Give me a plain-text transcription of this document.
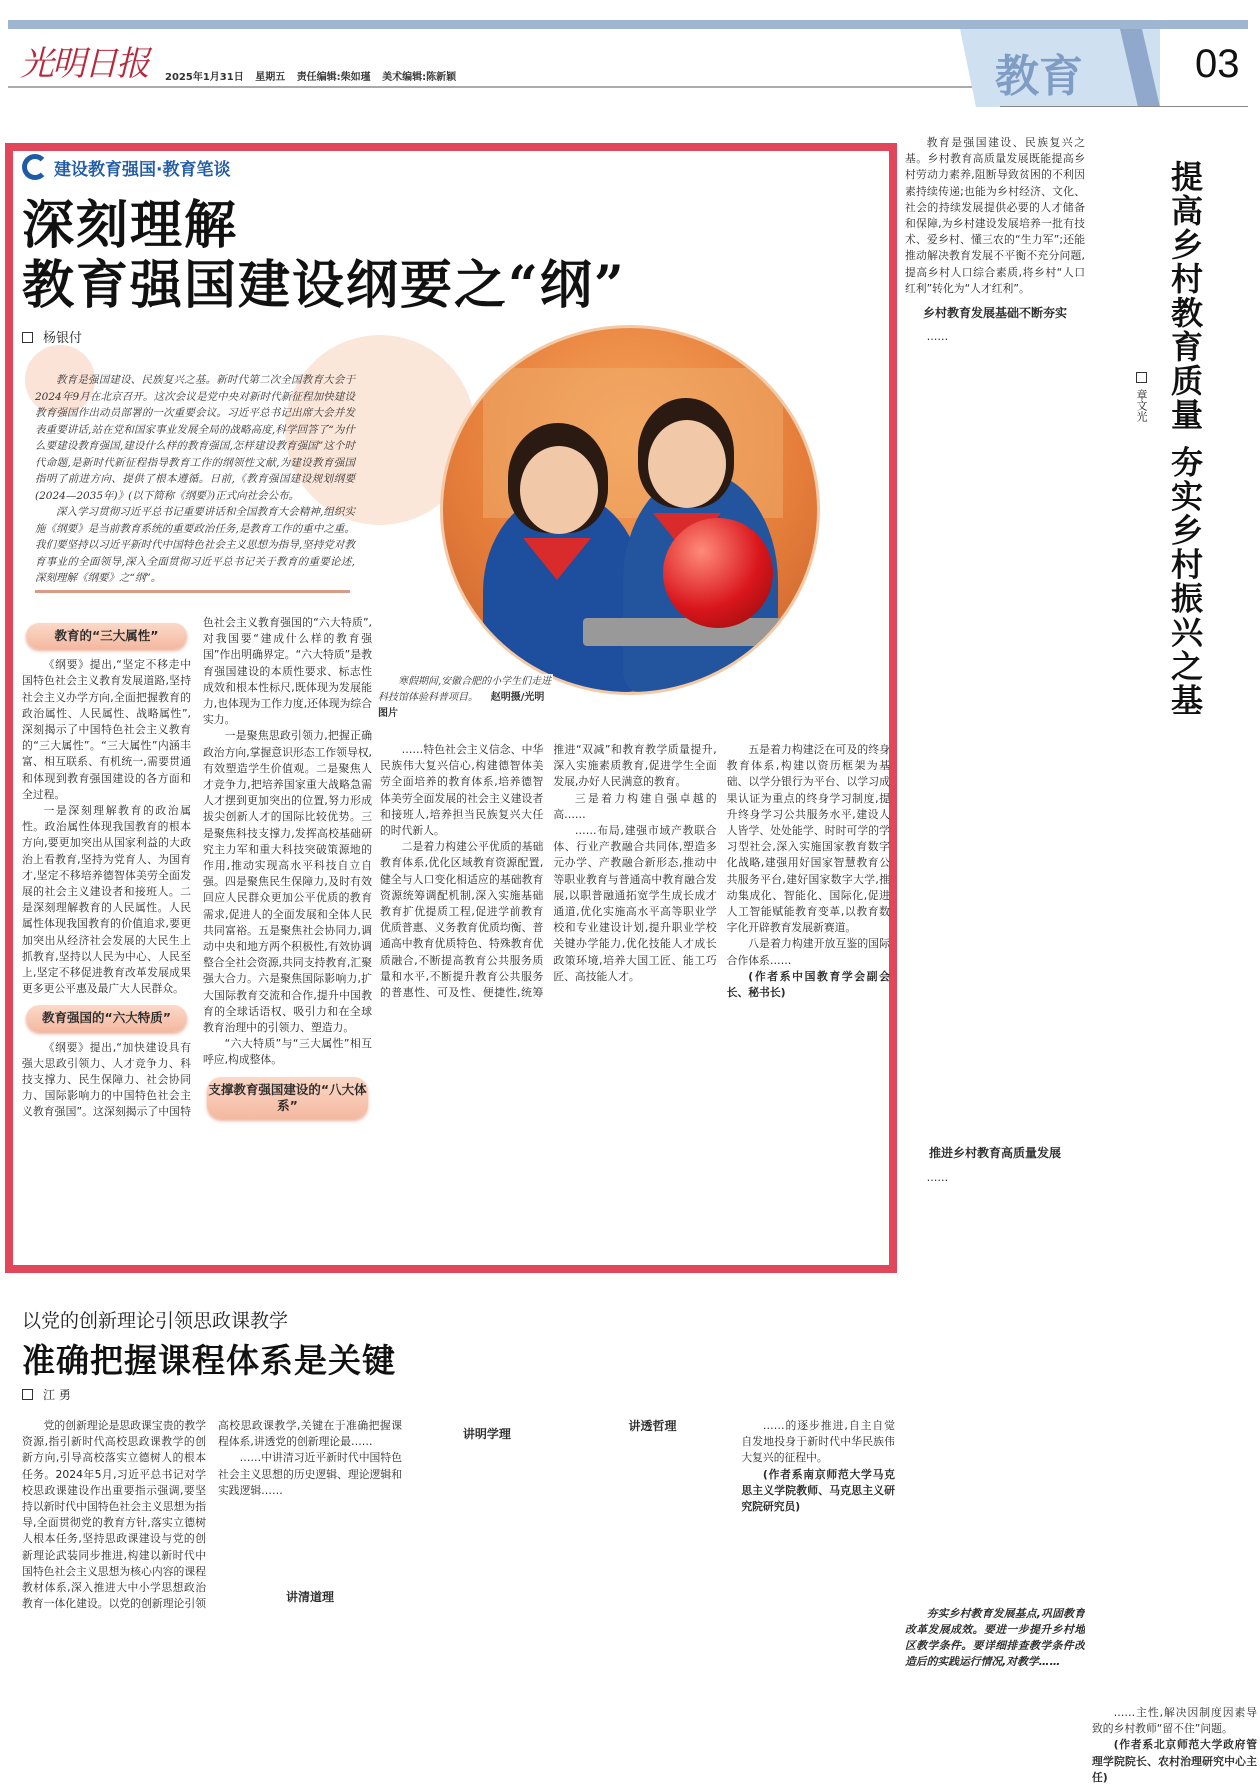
光明日报 2025年1月31日 星期五 责任编辑:柴如瑾 美术编辑:陈新颖	教育	03
建设教育强国·教育笔谈
深刻理解
教育强国建设纲要之“纲”
杨银付

教育是强国建设、民族复兴之基。新时代第二次全国教育大会于2024年9月在北京召开。这次会议是党中央对新时代新征程加快建设教育强国作出动员部署的一次重要会议。习近平总书记出席大会并发表重要讲话,站在党和国家事业发展全局的战略高度,科学回答了“为什么要建设教育强国,建设什么样的教育强国,怎样建设教育强国”这个时代命题,是新时代新征程指导教育工作的纲领性文献,为建设教育强国指明了前进方向、提供了根本遵循。日前,《教育强国建设规划纲要(2024—2035年)》(以下简称《纲要》)正式向社会公布。

深入学习贯彻习近平总书记重要讲话和全国教育大会精神,组织实施《纲要》是当前教育系统的重要政治任务,是教育工作的重中之重。我们要坚持以习近平新时代中国特色社会主义思想为指导,坚持党对教育事业的全面领导,深入全面贯彻习近平总书记关于教育的重要论述,深刻理解《纲要》之“纲”。

寒假期间,安徽合肥的小学生们走进科技馆体验科普项目。 赵明摄/光明图片
教育的“三大属性”

《纲要》提出,“坚定不移走中国特色社会主义教育发展道路,坚持社会主义办学方向,全面把握教育的政治属性、人民属性、战略属性”,深刻揭示了中国特色社会主义教育的“三大属性”。“三大属性”内涵丰富、相互联系、有机统一,需要贯通和体现到教育强国建设的各方面和全过程。

一是深刻理解教育的政治属性。政治属性体现我国教育的根本方向,要更加突出从国家利益的大政治上看教育,坚持为党育人、为国育才,坚定不移培养德智体美劳全面发展的社会主义建设者和接班人。二是深刻理解教育的人民属性。人民属性体现我国教育的价值追求,要更加突出从经济社会发展的大民生上抓教育,坚持以人民为中心、人民至上,坚定不移促进教育改革发展成果更多更公平惠及最广大人民群众。

教育强国的“六大特质”

《纲要》提出,“加快建设具有强大思政引领力、人才竞争力、科技支撑力、民生保障力、社会协同力、国际影响力的中国特色社会主义教育强国”。这深刻揭示了中国特色社会主义教育强国的“六大特质”,对我国要“建成什么样的教育强国”作出明确界定。“六大特质”是教育强国建设的本质性要求、标志性成效和根本性标尺,既体现为发展能力,也体现为工作力度,还体现为综合实力。

一是聚焦思政引领力,把握正确政治方向,掌握意识形态工作领导权,有效塑造学生价值观。二是聚焦人才竞争力,把培养国家重大战略急需人才摆到更加突出的位置,努力形成拔尖创新人才的国际比较优势。三是聚焦科技支撑力,发挥高校基础研究主力军和重大科技突破策源地的作用,推动实现高水平科技自立自强。四是聚焦民生保障力,及时有效回应人民群众更加公平优质的教育需求,促进人的全面发展和全体人民共同富裕。五是聚焦社会协同力,调动中央和地方两个积极性,有效协调整合全社会资源,共同支持教育,汇聚强大合力。六是聚焦国际影响力,扩大国际教育交流和合作,提升中国教育的全球话语权、吸引力和在全球教育治理中的引领力、塑造力。

“六大特质”与“三大属性”相互呼应,构成整体。

支撑教育强国建设的“八大体系”

……特色社会主义信念、中华民族伟大复兴信心,构建德智体美劳全面培养的教育体系,培养德智体美劳全面发展的社会主义建设者和接班人,培养担当民族复兴大任的时代新人。

二是着力构建公平优质的基础教育体系,优化区域教育资源配置,健全与人口变化相适应的基础教育资源统筹调配机制,深入实施基础教育扩优提质工程,促进学前教育优质普惠、义务教育优质均衡、普通高中教育优质特色、特殊教育优质融合,不断提高教育公共服务质量和水平,不断提升教育公共服务的普惠性、可及性、便捷性,统筹推进“双减”和教育教学质量提升,深入实施素质教育,促进学生全面发展,办好人民满意的教育。

三是着力构建自强卓越的高……

……布局,建强市域产教联合体、行业产教融合共同体,塑造多元办学、产教融合新形态,推动中等职业教育与普通高中教育融合发展,以职普融通拓宽学生成长成才通道,优化实施高水平高等职业学校和专业建设计划,提升职业学校关键办学能力,优化技能人才成长政策环境,培养大国工匠、能工巧匠、高技能人才。

五是着力构建泛在可及的终身教育体系,构建以资历框架为基础、以学分银行为平台、以学习成果认证为重点的终身学习制度,提升终身学习公共服务水平,建设人人皆学、处处能学、时时可学的学习型社会,深入实施国家教育数字化战略,建强用好国家智慧教育公共服务平台,建好国家数字大学,推动集成化、智能化、国际化,促进人工智能赋能教育变革,以教育数字化开辟教育发展新赛道。

八是着力构建开放互鉴的国际合作体系……

(作者系中国教育学会副会长、秘书长)

提高乡村教育质量 夯实乡村振兴之基
章文光

教育是强国建设、民族复兴之基。乡村教育高质量发展既能提高乡村劳动力素养,阻断导致贫困的不利因素持续传递;也能为乡村经济、文化、社会的持续发展提供必要的人才储备和保障,为乡村建设发展培养一批有技术、爱乡村、懂三农的“生力军”;还能推动解决教育发展不平衡不充分问题,提高乡村人口综合素质,将乡村“人口红利”转化为“人才红利”。

乡村教育发展基础不断夯实

……

推进乡村教育高质量发展

……

夯实乡村教育发展基点,巩固教育改革发展成效。要进一步提升乡村地区教学条件。要详细排查教学条件改造后的实践运行情况,对教学……

……主性,解决因制度因素导致的乡村教师“留不住”问题。

(作者系北京师范大学政府管理学院院长、农村治理研究中心主任)

以党的创新理论引领思政课教学
准确把握课程体系是关键
江 勇

党的创新理论是思政课宝贵的教学资源,指引新时代高校思政课教学的创新方向,引导高校落实立德树人的根本任务。2024年5月,习近平总书记对学校思政课建设作出重要指示强调,要坚持以新时代中国特色社会主义思想为指导,全面贯彻党的教育方针,落实立德树人根本任务,坚持思政课建设与党的创新理论武装同步推进,构建以新时代中国特色社会主义思想为核心内容的课程教材体系,深入推进大中小学思想政治教育一体化建设。以党的创新理论引领高校思政课教学,关键在于准确把握课程体系,讲透党的创新理论最……

……中讲清习近平新时代中国特色社会主义思想的历史逻辑、理论逻辑和实践逻辑……

讲清道理
讲明学理
讲透哲理	……的逐步推进,自主自觉自发地投身于新时代中华民族伟大复兴的征程中。

(作者系南京师范大学马克思主义学院教师、马克思主义研究院研究员)
